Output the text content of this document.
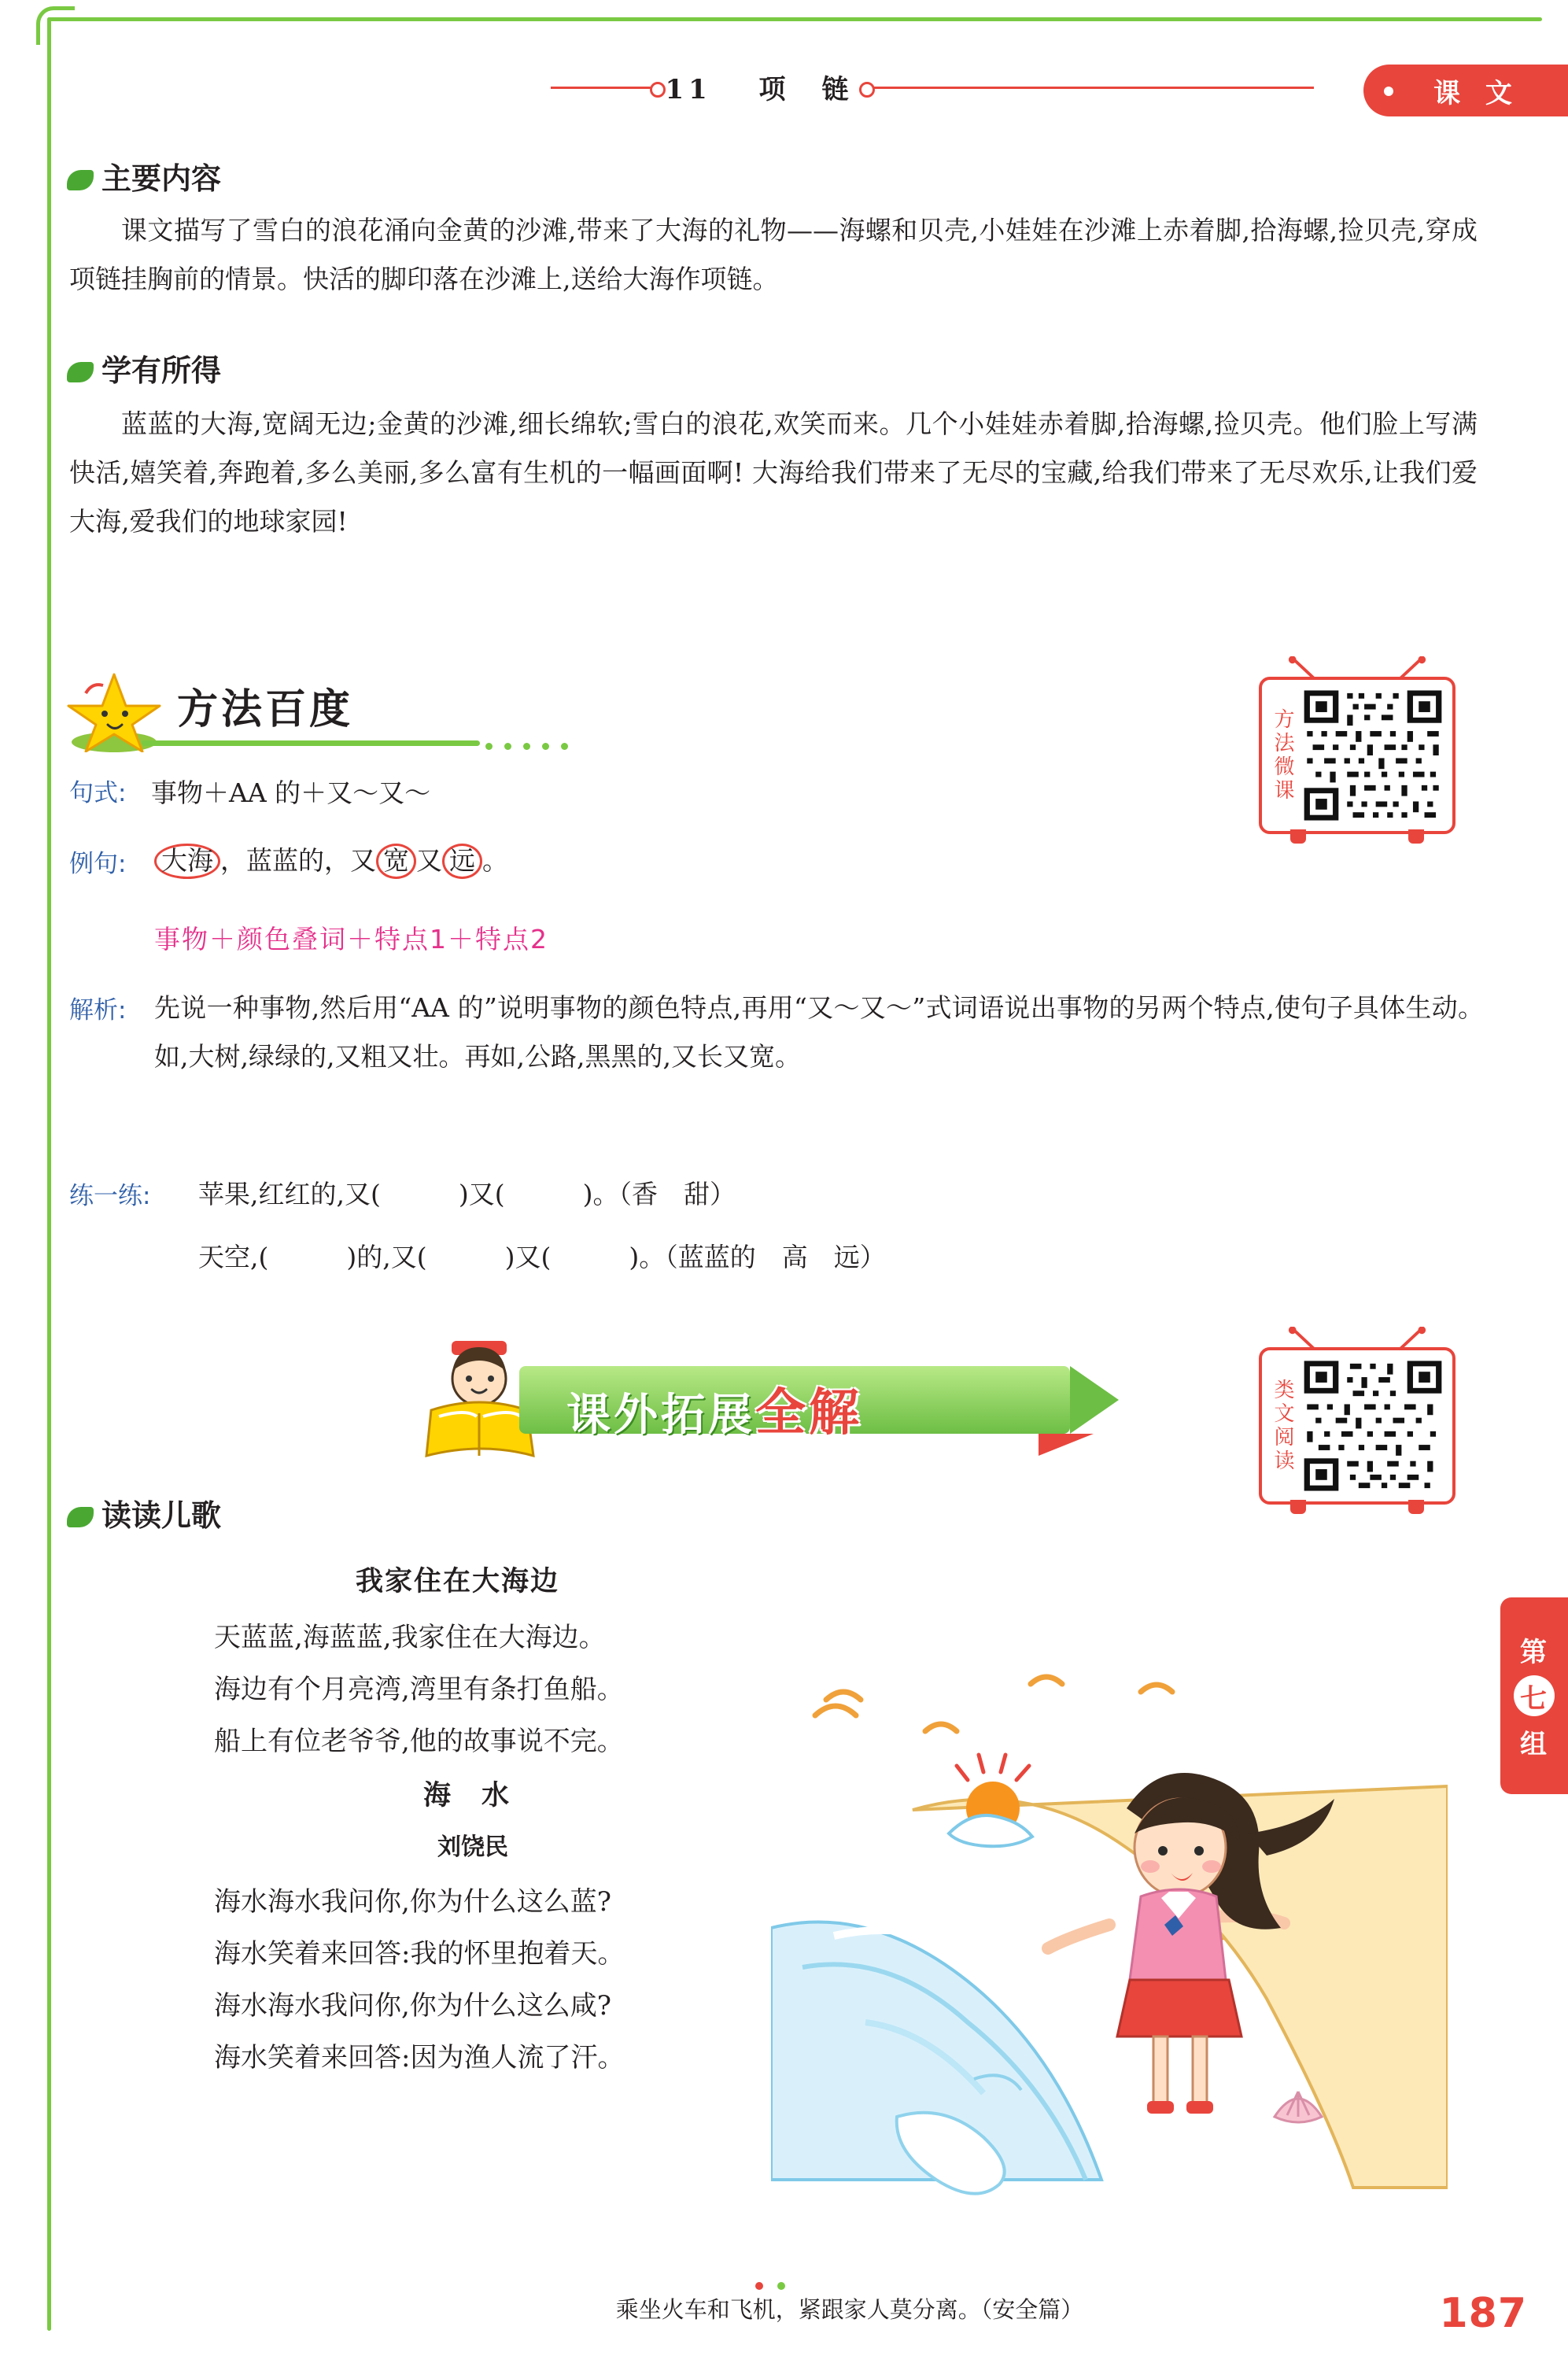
11 项　链	课 文
主要内容
课文描写了雪白的浪花涌向金黄的沙滩,带来了大海的礼物——海螺和贝壳,小娃娃在沙滩上赤着脚,拾海螺,捡贝壳,穿成项链挂胸前的情景。快活的脚印落在沙滩上,送给大海作项链。
学有所得
蓝蓝的大海,宽阔无边;金黄的沙滩,细长绵软;雪白的浪花,欢笑而来。几个小娃娃赤着脚,拾海螺,捡贝壳。他们脸上写满快活,嬉笑着,奔跑着,多么美丽,多么富有生机的一幅画面啊! 大海给我们带来了无尽的宝藏,给我们带来了无尽欢乐,让我们爱大海,爱我们的地球家园!
方法百度	方法微课
句式: 事物＋AA 的＋又～又～
例句: 大海 ，蓝蓝的，又 宽 又 远 。
事物＋颜色叠词＋特点1＋特点2
解析: 先说一种事物,然后用“AA 的”说明事物的颜色特点,再用“又～又～”式词语说出事物的另两个特点,使句子具体生动。如,大树,绿绿的,又粗又壮。再如,公路,黑黑的,又长又宽。
练一练: 苹果,红红的,又(　　　)又(　　　)。（香　甜）
天空,(　　　)的,又(　　　)又(　　　)。（蓝蓝的　高　远）
课外拓展全解	类文阅读
读读儿歌
我家住在大海边
天蓝蓝,海蓝蓝,我家住在大海边。
海边有个月亮湾,湾里有条打鱼船。
船上有位老爷爷,他的故事说不完。
海　水
刘饶民
海水海水我问你,你为什么这么蓝?
海水笑着来回答:我的怀里抱着天。
海水海水我问你,你为什么这么咸?
海水笑着来回答:因为渔人流了汗。
第
七
组
乘坐火车和飞机，紧跟家人莫分离。（安全篇）	187
